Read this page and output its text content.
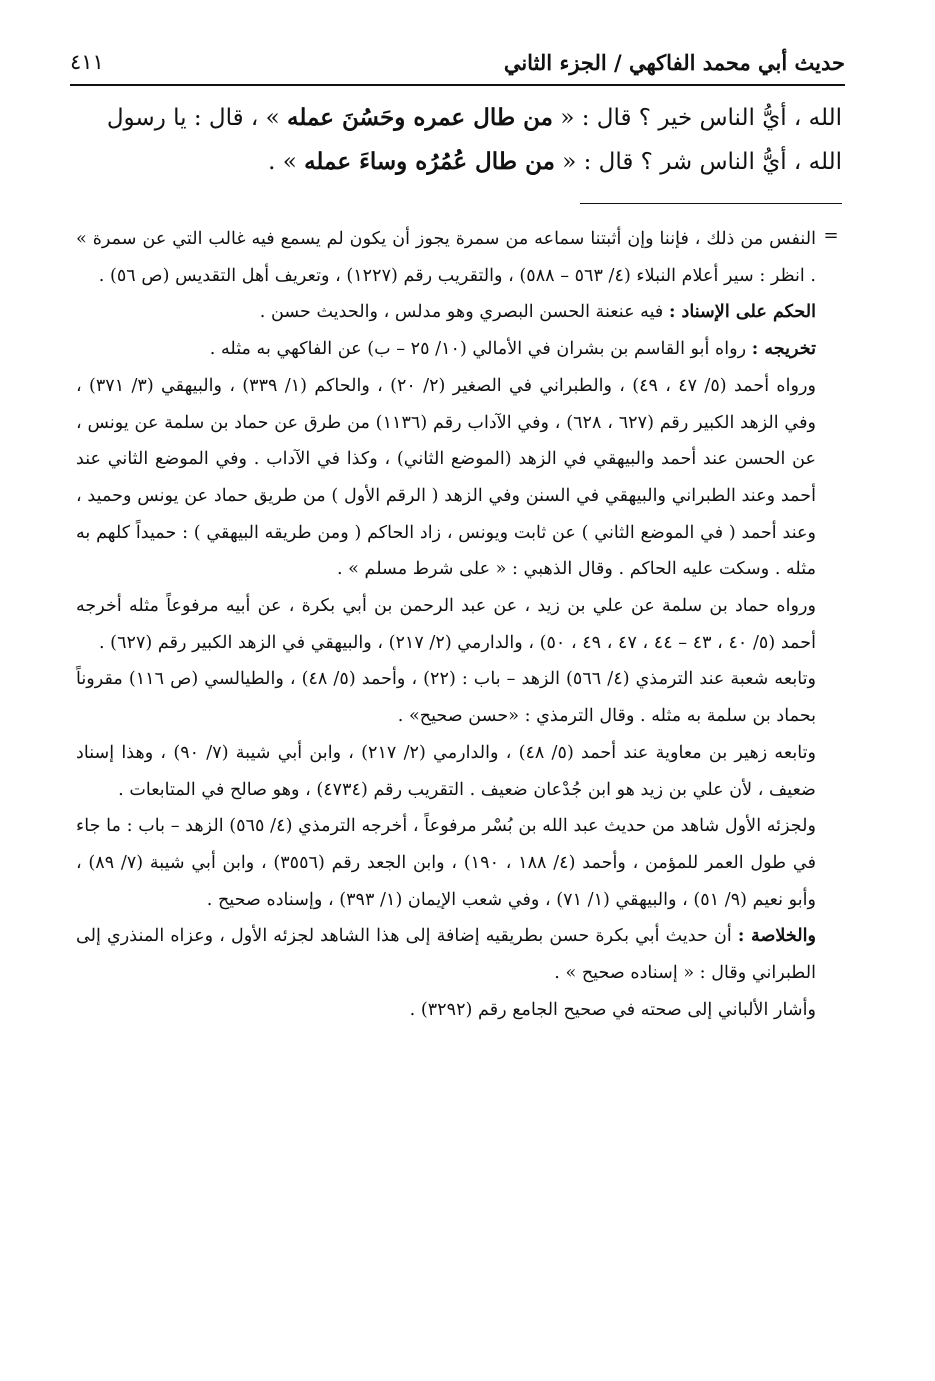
حديث أبي محمد الفاكهي / الجزء الثاني
٤١١

الله ، أيُّ الناس خير ؟ قال : « من طال عمره وحَسُنَ عمله » ، قال : يا رسول

الله ، أيُّ الناس شر ؟ قال : « من طال عُمُرُه وساءَ عمله » .

=

النفس من ذلك ، فإننا وإن أثبتنا سماعه من سمرة يجوز أن يكون لم يسمع فيه غالب التي عن سمرة » . انظر : سير أعلام النبلاء (٤/ ٥٦٣ – ٥٨٨) ، والتقريب رقم (١٢٢٧) ، وتعريف أهل التقديس (ص ٥٦) .

الحكم على الإسناد : فيه عنعنة الحسن البصري وهو مدلس ، والحديث حسن .

تخريجه : رواه أبو القاسم بن بشران في الأمالي (١٠/ ٢٥ – ب) عن الفاكهي به مثله .

ورواه أحمد (٥/ ٤٧ ، ٤٩) ، والطبراني في الصغير (٢/ ٢٠) ، والحاكم (١/ ٣٣٩) ، والبيهقي (٣/ ٣٧١) ، وفي الزهد الكبير رقم (٦٢٧ ، ٦٢٨) ، وفي الآداب رقم (١١٣٦) من طرق عن حماد بن سلمة عن يونس ، عن الحسن عند أحمد والبيهقي في الزهد (الموضع الثاني) ، وكذا في الآداب . وفي الموضع الثاني عند أحمد وعند الطبراني والبيهقي في السنن وفي الزهد ( الرقم الأول ) من طريق حماد عن يونس وحميد ، وعند أحمد ( في الموضع الثاني ) عن ثابت ويونس ، زاد الحاكم ( ومن طريقه البيهقي ) : حميداً كلهم به مثله . وسكت عليه الحاكم . وقال الذهبي : « على شرط مسلم » .

ورواه حماد بن سلمة عن علي بن زيد ، عن عبد الرحمن بن أبي بكرة ، عن أبيه مرفوعاً مثله أخرجه أحمد (٥/ ٤٠ ، ٤٣ – ٤٤ ، ٤٧ ، ٤٩ ، ٥٠) ، والدارمي (٢/ ٢١٧) ، والبيهقي في الزهد الكبير رقم (٦٢٧) .

وتابعه شعبة عند الترمذي (٤/ ٥٦٦) الزهد – باب : (٢٢) ، وأحمد (٥/ ٤٨) ، والطيالسي (ص ١١٦) مقروناً بحماد بن سلمة به مثله . وقال الترمذي : «حسن صحيح» .

وتابعه زهير بن معاوية عند أحمد (٥/ ٤٨) ، والدارمي (٢/ ٢١٧) ، وابن أبي شيبة (٧/ ٩٠) ، وهذا إسناد ضعيف ، لأن علي بن زيد هو ابن جُدْعان ضعيف . التقريب رقم (٤٧٣٤) ، وهو صالح في المتابعات .

ولجزئه الأول شاهد من حديث عبد الله بن بُسْر مرفوعاً ، أخرجه الترمذي (٤/ ٥٦٥) الزهد – باب : ما جاء في طول العمر للمؤمن ، وأحمد (٤/ ١٨٨ ، ١٩٠) ، وابن الجعد رقم (٣٥٥٦) ، وابن أبي شيبة (٧/ ٨٩) ، وأبو نعيم (٩/ ٥١) ، والبيهقي (١/ ٧١) ، وفي شعب الإيمان (١/ ٣٩٣) ، وإسناده صحيح .

والخلاصة : أن حديث أبي بكرة حسن بطريقيه إضافة إلى هذا الشاهد لجزئه الأول ، وعزاه المنذري إلى الطبراني وقال : « إسناده صحيح » .

وأشار الألباني إلى صحته في صحيح الجامع رقم (٣٢٩٢) .
